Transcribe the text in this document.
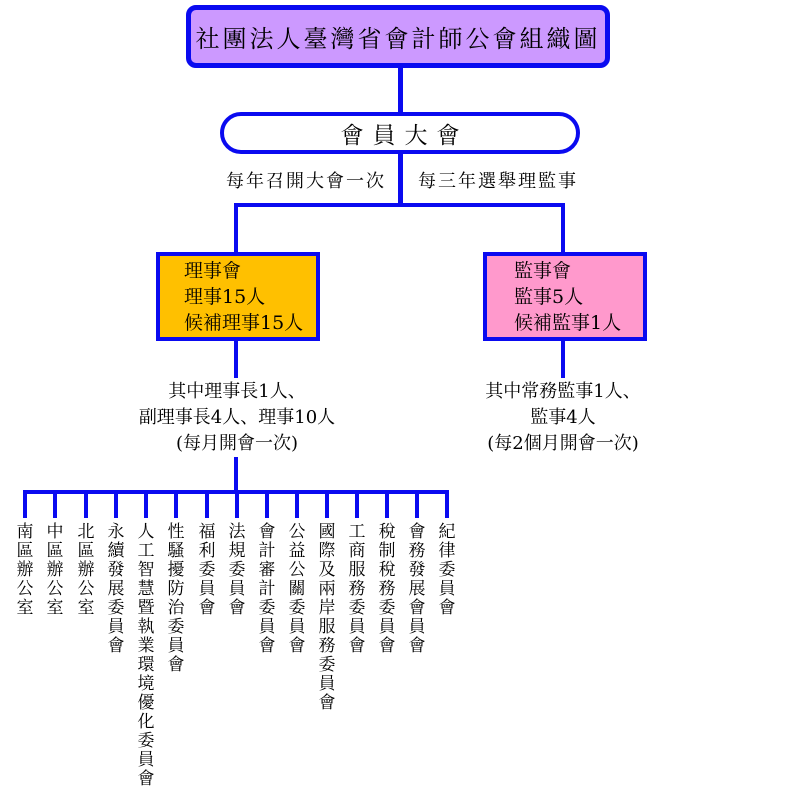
社團法人臺灣省會計師公會組織圖
會員大會
每年召開大會一次 每三年選舉理監事
理事會
理事15人
候補理事15人
監事會
監事5人
候補監事1人
其中理事長1人、
副理事長4人、理事10人
(每月開會一次)
其中常務監事1人、
監事4人
(每2個月開會一次)
南區辦公室
中區辦公室
北區辦公室
永續發展委員會
人工智慧暨執業環境優化委員會
性騷擾防治委員會
福利委員會
法規委員會
會計審計委員會
公益公關委員會
國際及兩岸服務委員會
工商服務委員會
稅制稅務委員會
會務發展會員會
紀律委員會
